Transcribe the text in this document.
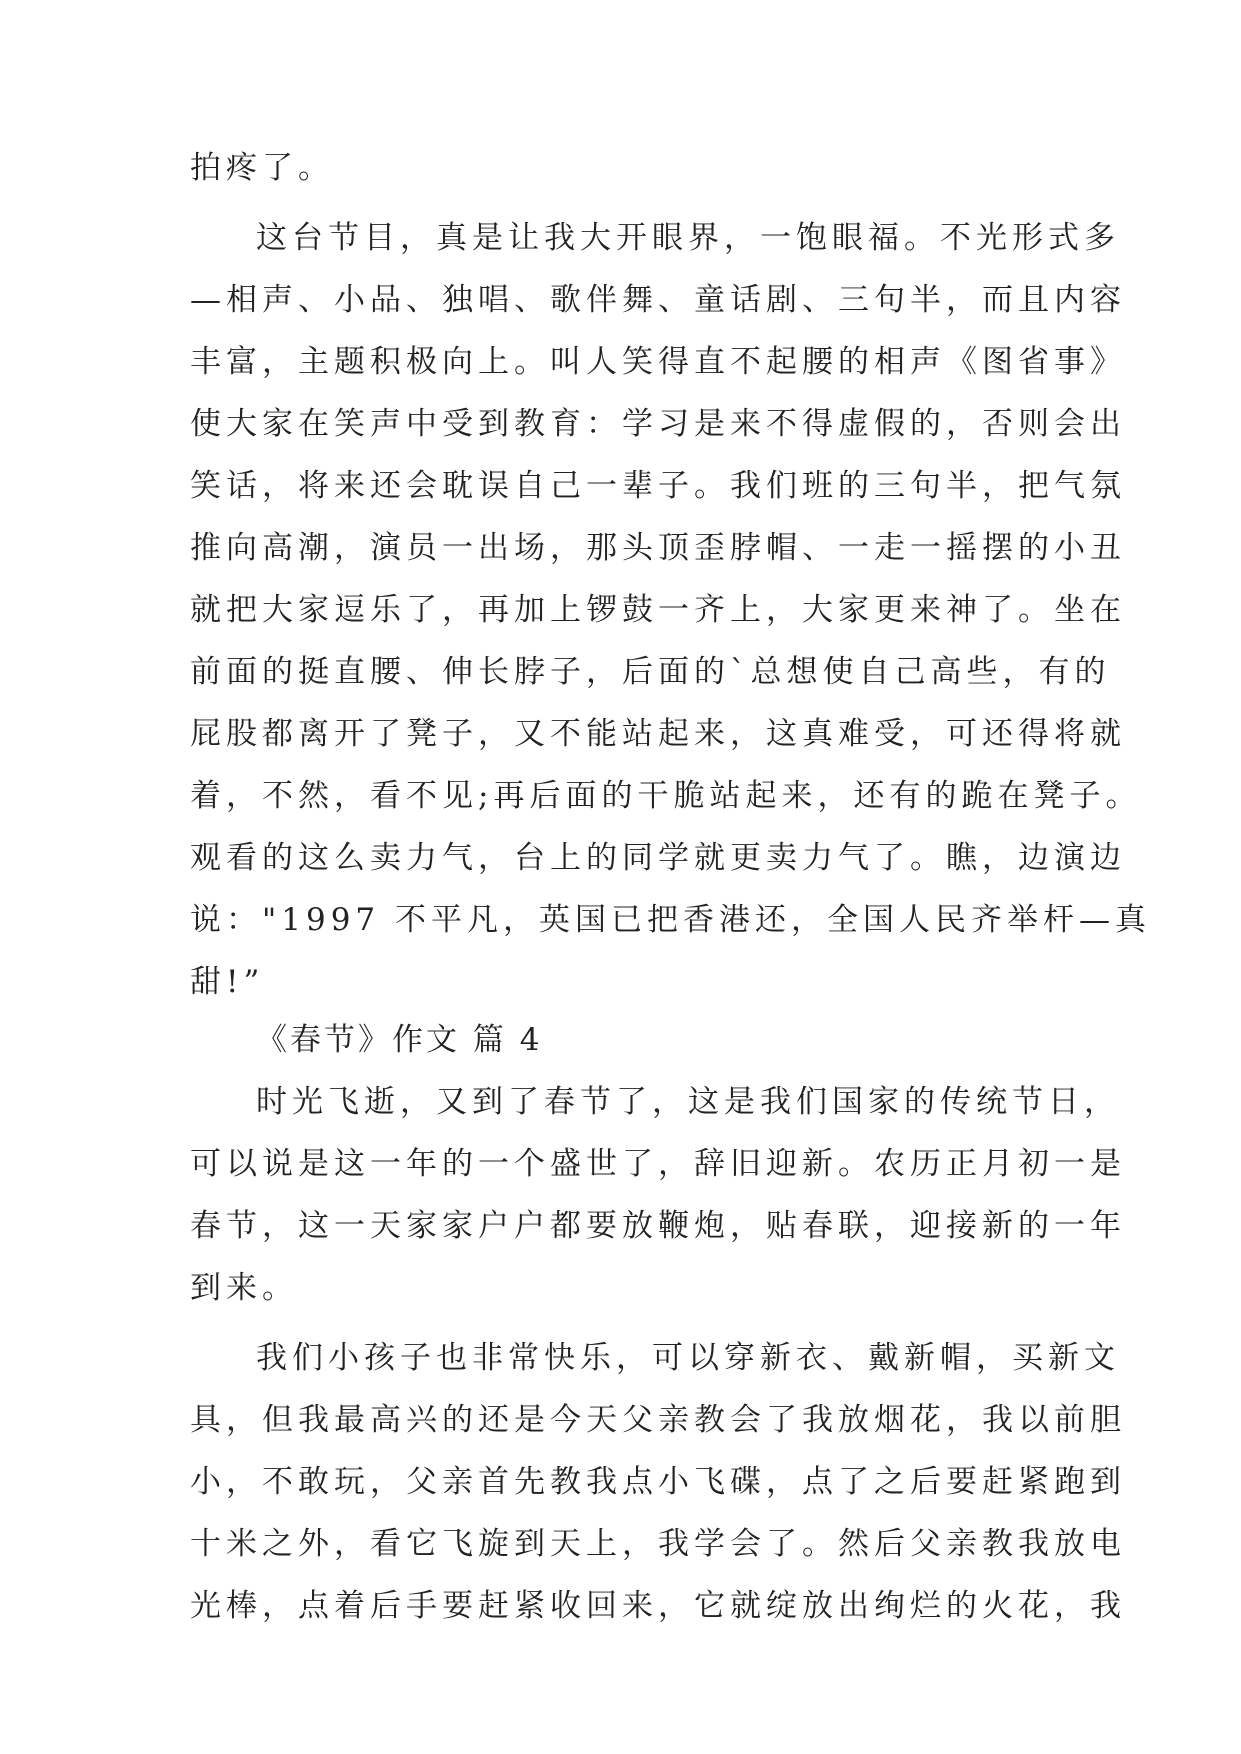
拍疼了。
这台节目，真是让我大开眼界，一饱眼福。不光形式多
—相声、小品、独唱、歌伴舞、童话剧、三句半，而且内容
丰富，主题积极向上。叫人笑得直不起腰的相声《图省事》
使大家在笑声中受到教育：学习是来不得虚假的，否则会出
笑话，将来还会耽误自己一辈子。我们班的三句半，把气氛
推向高潮，演员一出场，那头顶歪脖帽、一走一摇摆的小丑
就把大家逗乐了，再加上锣鼓一齐上，大家更来神了。坐在
前面的挺直腰、伸长脖子，后面的`总想使自己高些，有的
屁股都离开了凳子，又不能站起来，这真难受，可还得将就
着，不然，看不见;再后面的干脆站起来，还有的跪在凳子。
观看的这么卖力气，台上的同学就更卖力气了。瞧，边演边
说："1997 不平凡，英国已把香港还，全国人民齐举杆—真
甜!”
《春节》作文 篇 4
时光飞逝，又到了春节了，这是我们国家的传统节日，
可以说是这一年的一个盛世了，辞旧迎新。农历正月初一是
春节，这一天家家户户都要放鞭炮，贴春联，迎接新的一年
到来。
我们小孩子也非常快乐，可以穿新衣、戴新帽，买新文
具，但我最高兴的还是今天父亲教会了我放烟花，我以前胆
小，不敢玩，父亲首先教我点小飞碟，点了之后要赶紧跑到
十米之外，看它飞旋到天上，我学会了。然后父亲教我放电
光棒，点着后手要赶紧收回来，它就绽放出绚烂的火花，我
